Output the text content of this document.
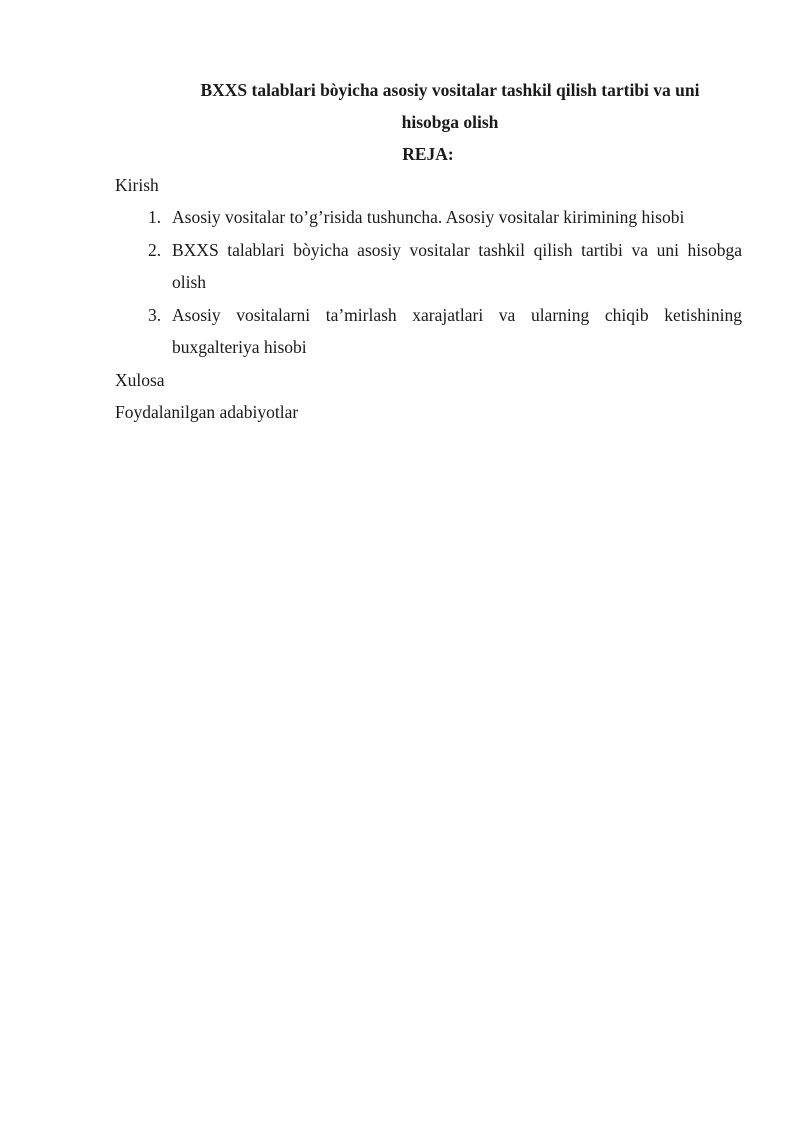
BXXS talablari bòyicha asosiy vositalar tashkil qilish tartibi va uni hisobga olish
REJA:
Kirish
1. Asosiy vositalar to’g’risida tushuncha. Asosiy vositalar kirimining hisobi
2. BXXS talablari bòyicha asosiy vositalar tashkil qilish tartibi va uni hisobga
olish
3. Asosiy vositalarni ta’mirlash xarajatlari va ularning chiqib ketishining
buxgalteriya hisobi
Xulosa
Foydalanilgan adabiyotlar
